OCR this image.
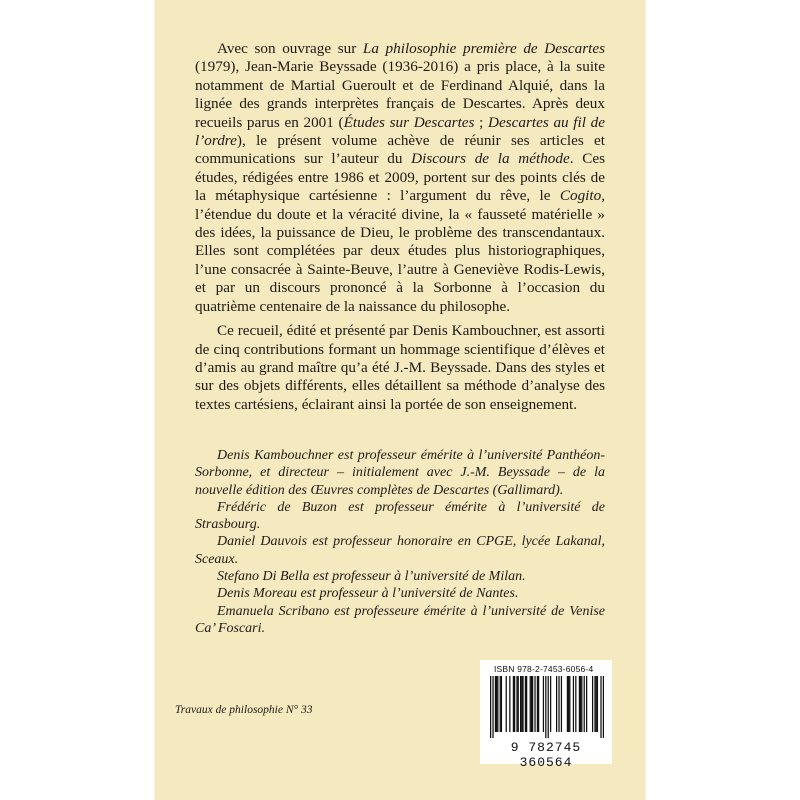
Avec son ouvrage sur La philosophie première de Descartes (1979), Jean-Marie Beyssade (1936-2016) a pris place, à la suite notamment de Martial Gueroult et de Ferdinand Alquié, dans la lignée des grands interprètes français de Descartes. Après deux recueils parus en 2001 (Études sur Descartes ; Descartes au fil de l’ordre), le présent volume achève de réunir ses articles et communications sur l’auteur du Discours de la méthode. Ces études, rédigées entre 1986 et 2009, portent sur des points clés de la métaphysique cartésienne : l’argument du rêve, le Cogito, l’étendue du doute et la véracité divine, la « fausseté matérielle » des idées, la puissance de Dieu, le problème des transcendantaux. Elles sont complétées par deux études plus historiographiques, l’une consacrée à Sainte-Beuve, l’autre à Geneviève Rodis-Lewis, et par un discours prononcé à la Sorbonne à l’occasion du quatrième centenaire de la naissance du philosophe.

Ce recueil, édité et présenté par Denis Kambouchner, est assorti de cinq contributions formant un hommage scientifique d’élèves et d’amis au grand maître qu’a été J.-M. Beyssade. Dans des styles et sur des objets différents, elles détaillent sa méthode d’analyse des textes cartésiens, éclairant ainsi la portée de son enseignement.

Denis Kambouchner est professeur émérite à l’université Panthéon-Sorbonne, et directeur – initialement avec J.-M. Beyssade – de la nouvelle édition des Œuvres complètes de Descartes (Gallimard).

Frédéric de Buzon est professeur émérite à l’université de Strasbourg.

Daniel Dauvois est professeur honoraire en CPGE, lycée Lakanal, Sceaux.

Stefano Di Bella est professeur à l’université de Milan.

Denis Moreau est professeur à l’université de Nantes.

Emanuela Scribano est professeure émérite à l’université de Venise Ca’ Foscari.

Travaux de philosophie N° 33
ISBN 978-2-7453-6056-4
9 782745 360564
